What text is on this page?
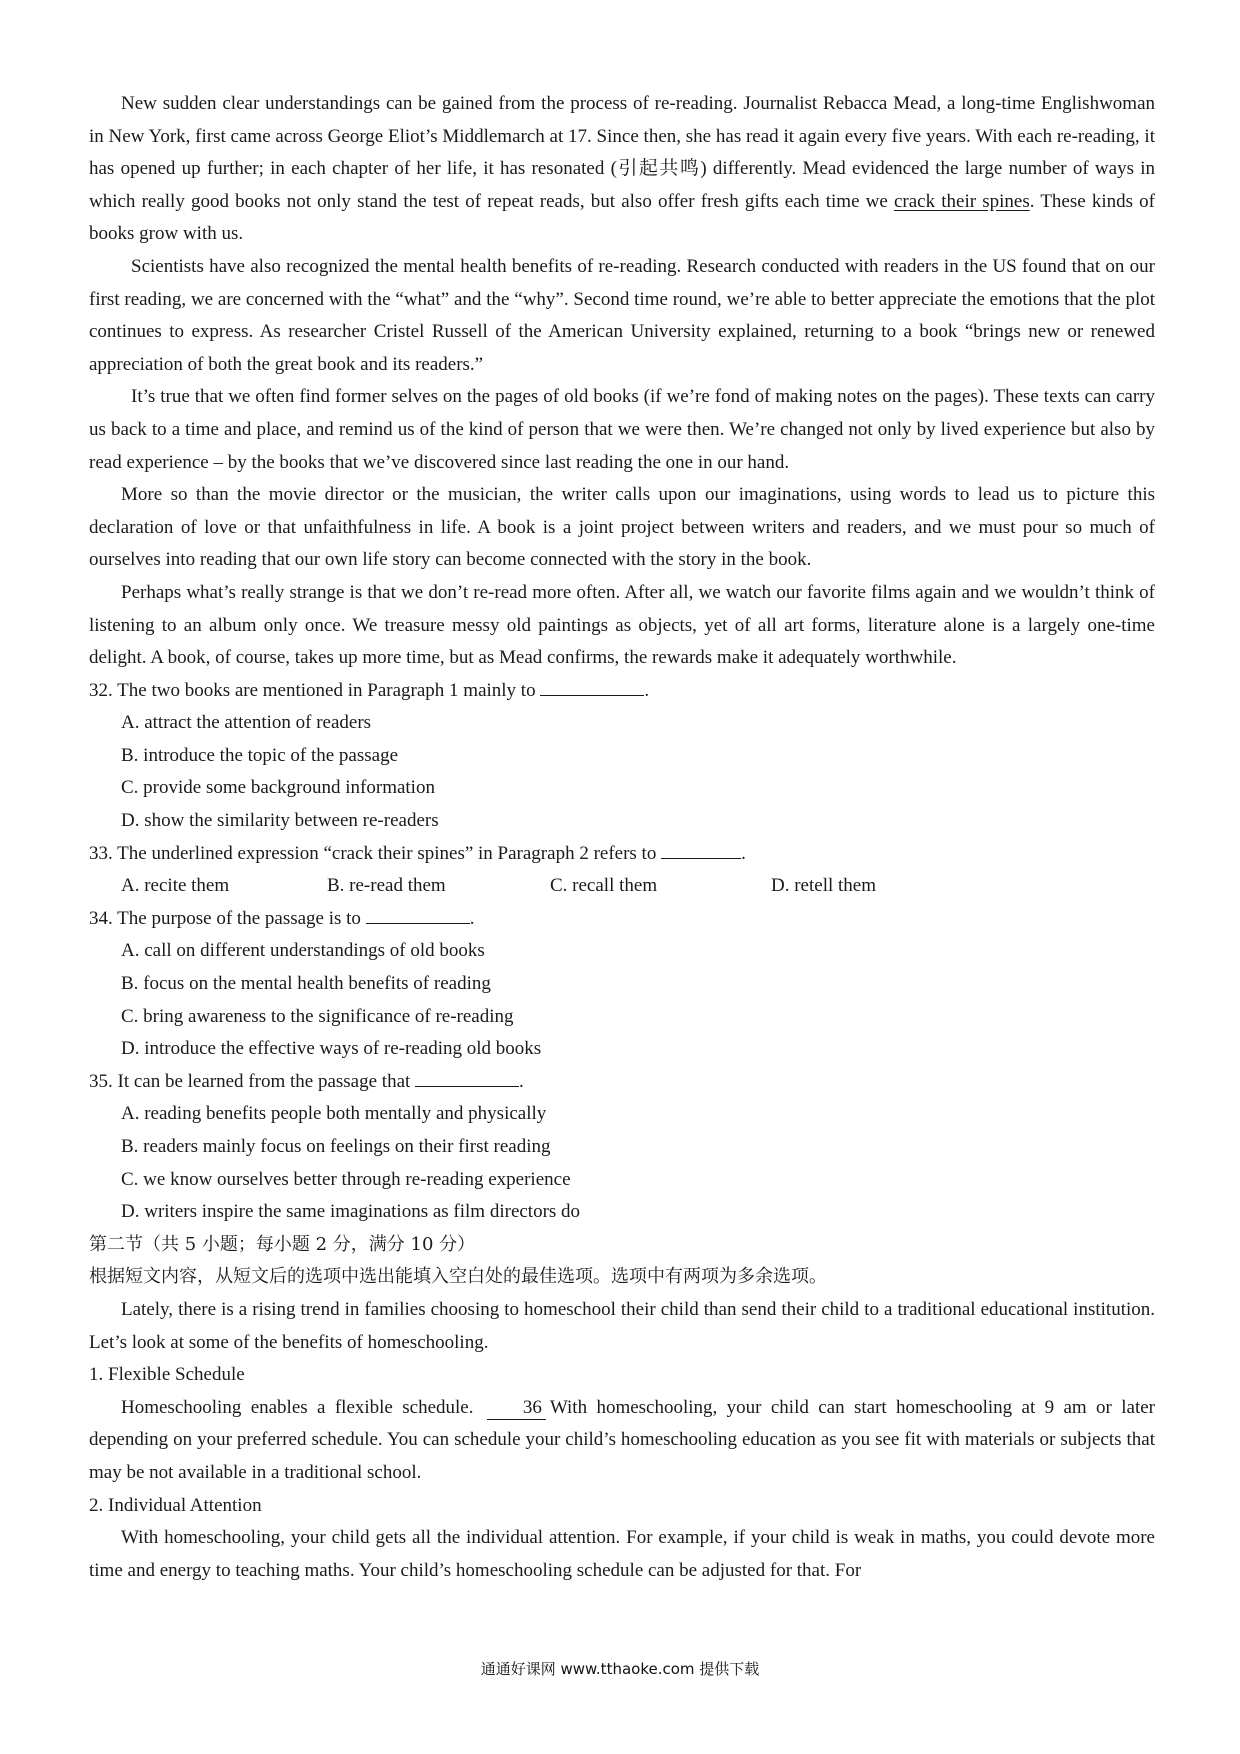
New sudden clear understandings can be gained from the process of re-reading. Journalist Rebacca Mead, a long-time Englishwoman in New York, first came across George Eliot’s Middlemarch at 17. Since then, she has read it again every five years. With each re-reading, it has opened up further; in each chapter of her life, it has resonated (引起共鸣) differently. Mead evidenced the large number of ways in which really good books not only stand the test of repeat reads, but also offer fresh gifts each time we crack their spines. These kinds of books grow with us.

Scientists have also recognized the mental health benefits of re-reading. Research conducted with readers in the US found that on our first reading, we are concerned with the “what” and the “why”. Second time round, we’re able to better appreciate the emotions that the plot continues to express. As researcher Cristel Russell of the American University explained, returning to a book “brings new or renewed appreciation of both the great book and its readers.”

It’s true that we often find former selves on the pages of old books (if we’re fond of making notes on the pages). These texts can carry us back to a time and place, and remind us of the kind of person that we were then. We’re changed not only by lived experience but also by read experience – by the books that we’ve discovered since last reading the one in our hand.

More so than the movie director or the musician, the writer calls upon our imaginations, using words to lead us to picture this declaration of love or that unfaithfulness in life. A book is a joint project between writers and readers, and we must pour so much of ourselves into reading that our own life story can become connected with the story in the book.

Perhaps what’s really strange is that we don’t re-read more often. After all, we watch our favorite films again and we wouldn’t think of listening to an album only once. We treasure messy old paintings as objects, yet of all art forms, literature alone is a largely one-time delight. A book, of course, takes up more time, but as Mead confirms, the rewards make it adequately worthwhile.

32. The two books are mentioned in Paragraph 1 mainly to	.

A. attract the attention of readers

B. introduce the topic of the passage

C. provide some background information

D. show the similarity between re-readers

33. The underlined expression “crack their spines” in Paragraph 2 refers to	.

A. recite them	B. re-read them	C. recall them	D. retell them

34. The purpose of the passage is to	.

A. call on different understandings of old books

B. focus on the mental health benefits of reading

C. bring awareness to the significance of re-reading

D. introduce the effective ways of re-reading old books

35. It can be learned from the passage that	.

A. reading benefits people both mentally and physically

B. readers mainly focus on feelings on their first reading

C. we know ourselves better through re-reading experience

D. writers inspire the same imaginations as film directors do

第二节（共 5 小题；每小题 2 分，满分 10 分）

根据短文内容，从短文后的选项中选出能填入空白处的最佳选项。选项中有两项为多余选项。

Lately, there is a rising trend in families choosing to homeschool their child than send their child to a traditional educational institution. Let’s look at some of the benefits of homeschooling.

1. Flexible Schedule

Homeschooling enables a flexible schedule. 36 With homeschooling, your child can start homeschooling at 9 am or later depending on your preferred schedule. You can schedule your child’s homeschooling education as you see fit with materials or subjects that may be not available in a traditional school.

2. Individual Attention

With homeschooling, your child gets all the individual attention. For example, if your child is weak in maths, you could devote more time and energy to teaching maths. Your child’s homeschooling schedule can be adjusted for that. For

通通好课网 www.tthaoke.com 提供下载
